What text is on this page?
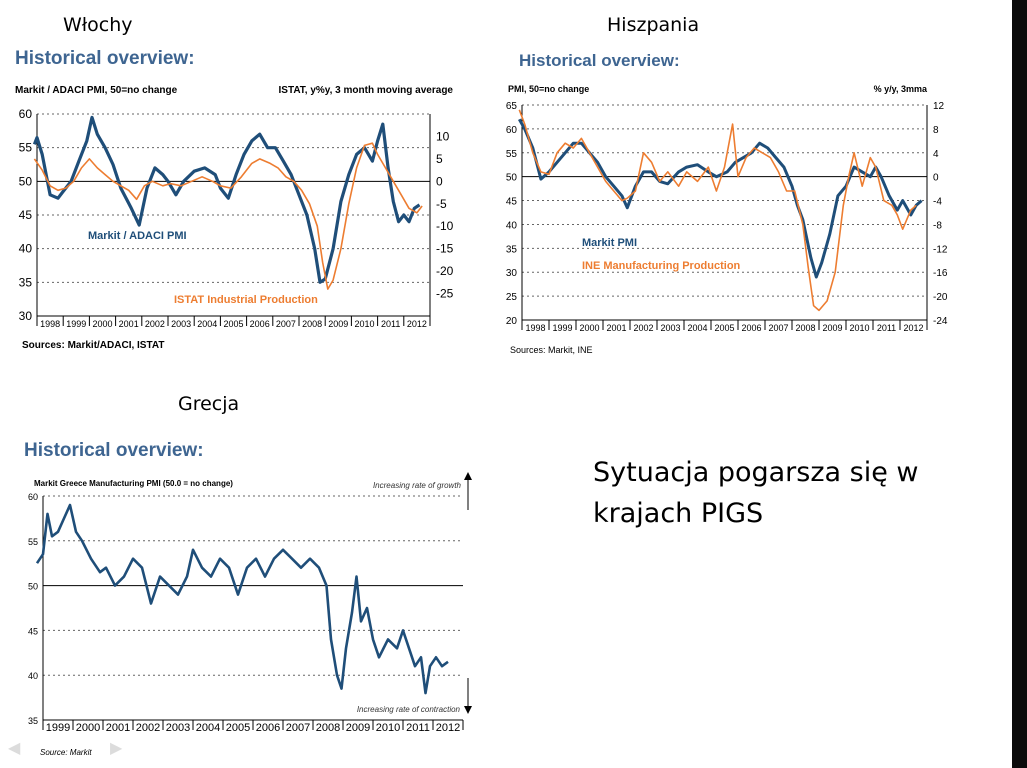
Włochy	Hiszpania
Grecja
Historical overview:
Markit / ADACI PMI, 50=no change	ISTAT, y%y, 3 month moving average
30
35
40
45
50
55
60
-25
-20
-15
-10
-5
0
5
10
1998 1999 2000 2001 2002 2003 2004 2005 2006 2007 2008 2009 2010 2011 2012
Markit / ADACI PMI
ISTAT Industrial Production
Sources: Markit/ADACI, ISTAT
Historical overview:
PMI, 50=no change	% y/y, 3mma
20
25
30
35
40
45
50
55
60
65
-24
-20
-16
-12
-8
-4
0
4
8
12
1998 1999 2000 2001 2002 2003 2004 2005 2006 2007 2008 2009 2010 2011 2012
Markit PMI
INE Manufacturing Production
Sources: Markit, INE
Historical overview:
Markit Greece Manufacturing PMI (50.0 = no change)	Increasing rate of growth
Increasing rate of contraction
35
40
45
50
55
60
1999 2000 2001 2002 2003 2004 2005 2006 2007 2008 2009 2010 2011 2012
Source: Markit
Sytuacja pogarsza się w
krajach PIGS
◀	▶
